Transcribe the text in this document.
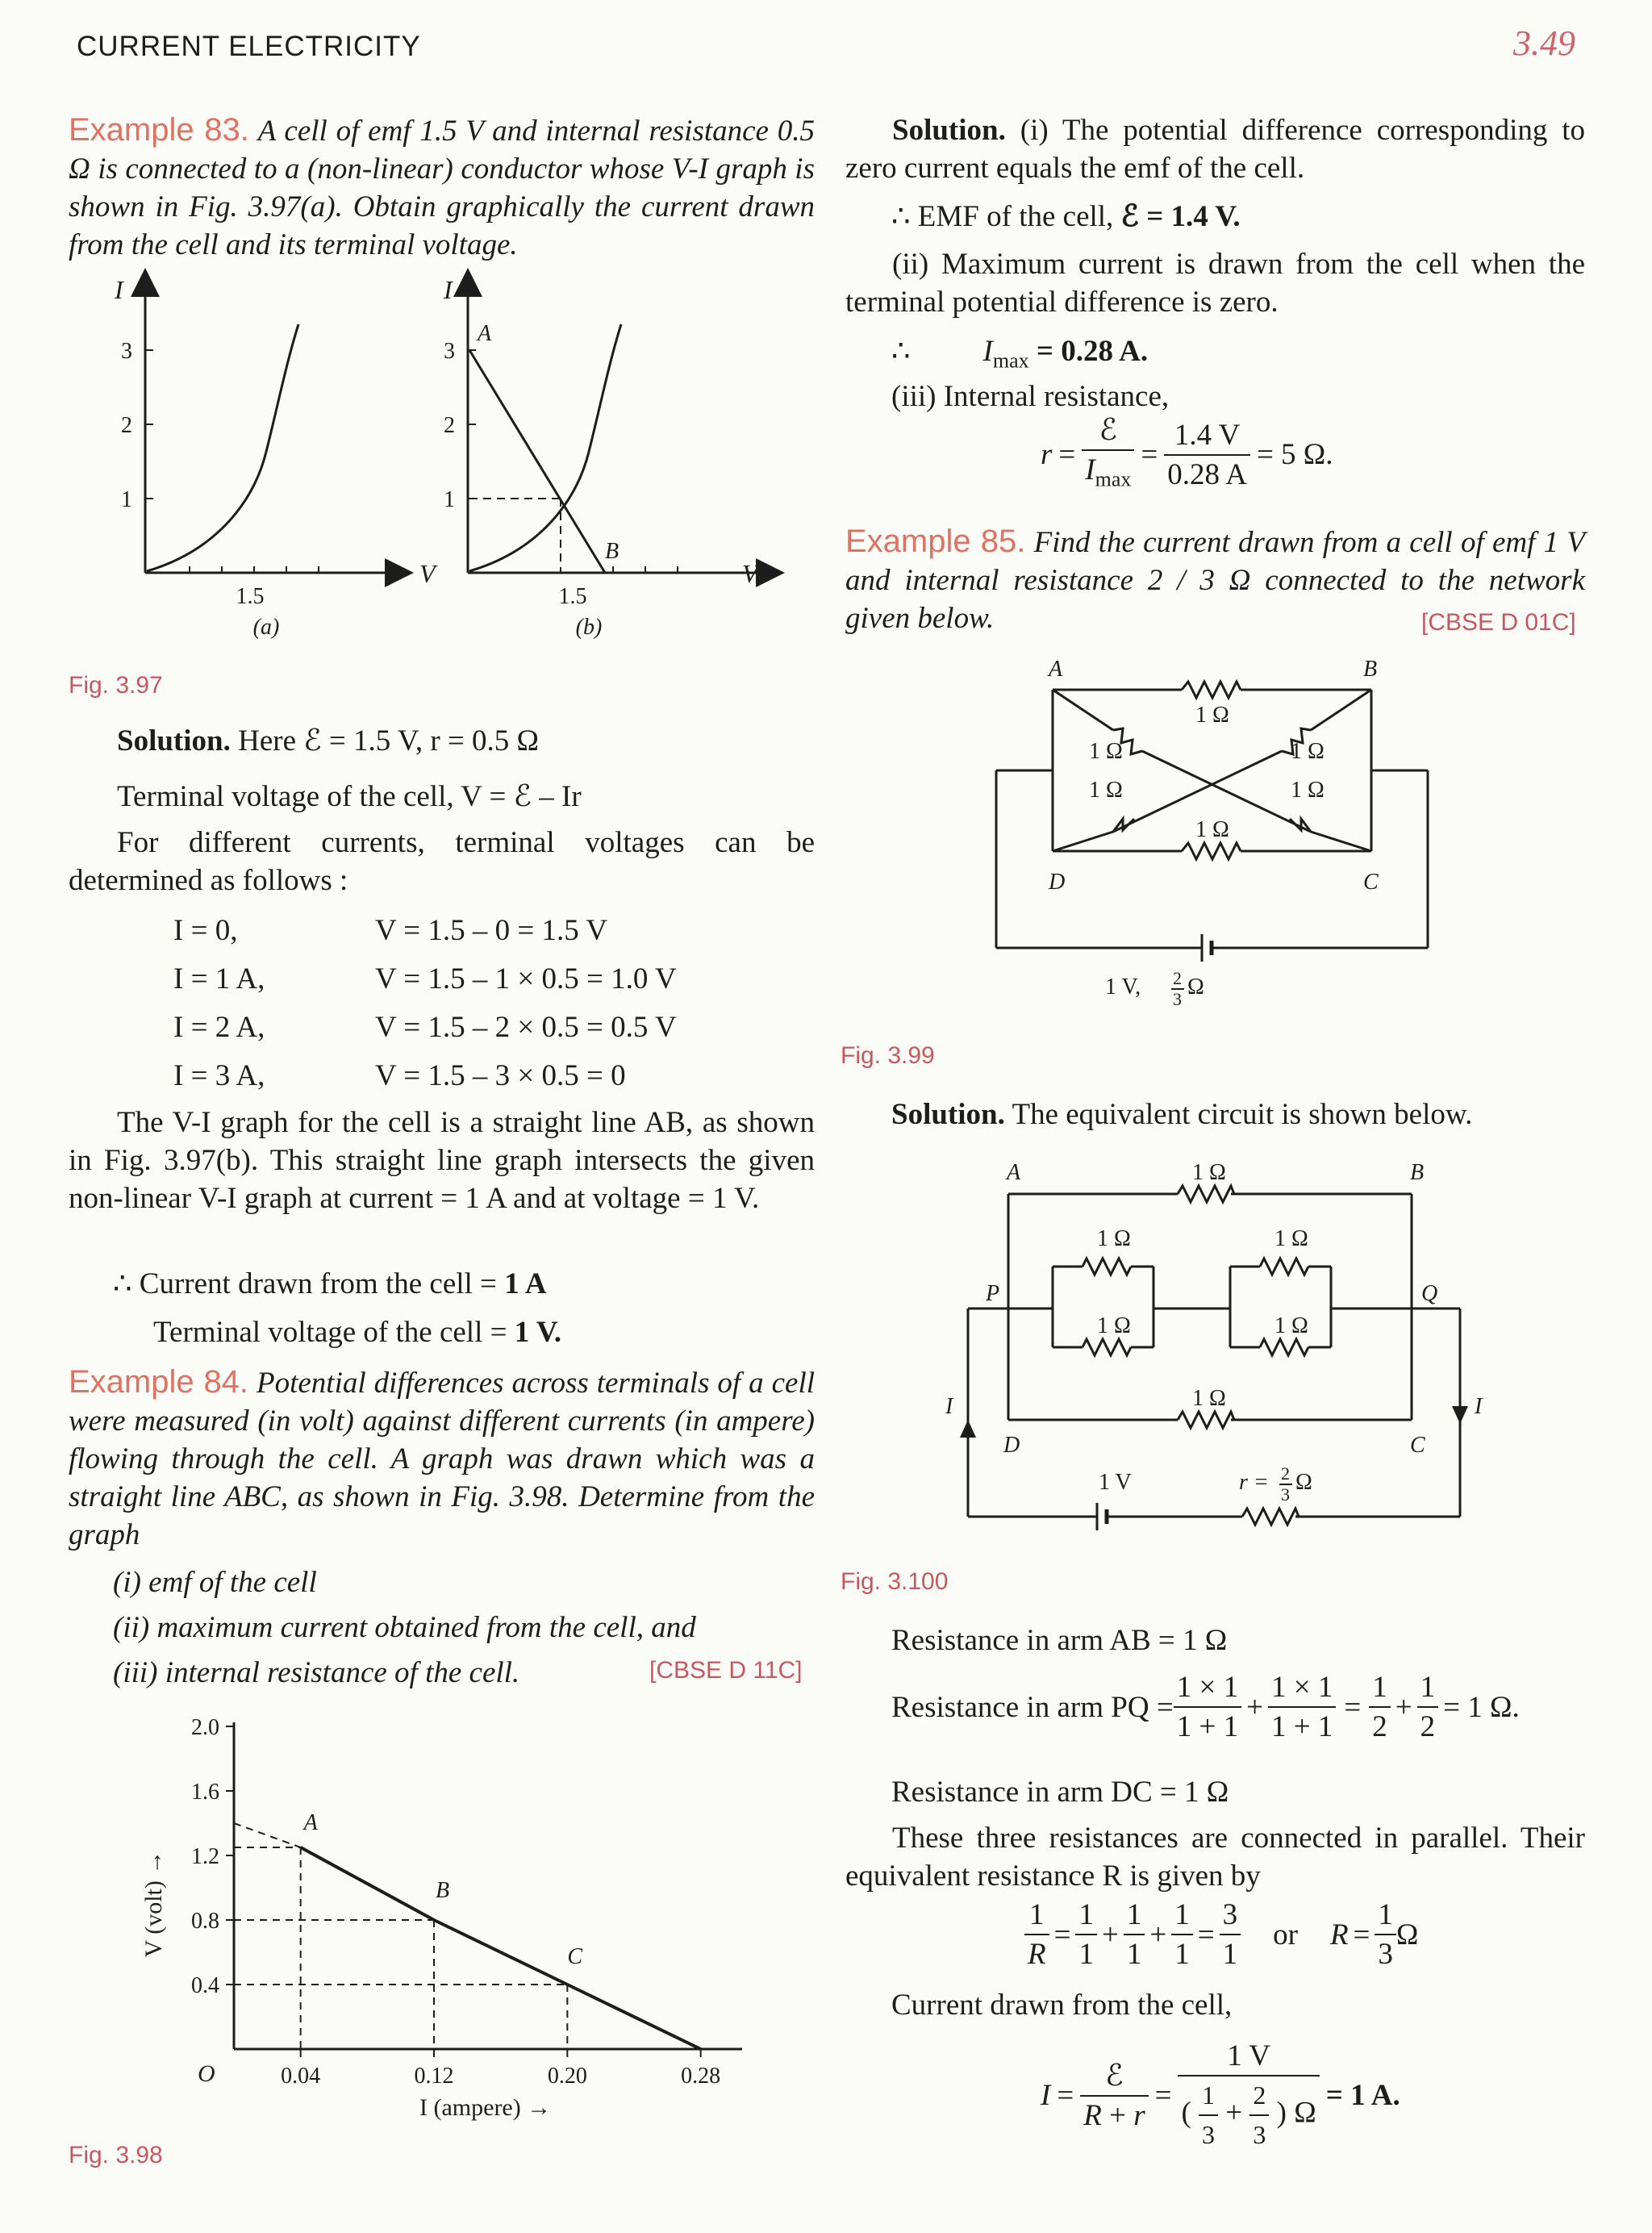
CURRENT ELECTRICITY	3.49
Example 83. A cell of emf 1.5 V and internal resistance 0.5 Ω is connected to a (non-linear) conductor whose V-I graph is shown in Fig. 3.97(a). Obtain graphically the current drawn from the cell and its terminal voltage.
I
V
3
2
1
1.5
(a)
I
V
3
2
1
A
B
1.5
(b)
Fig. 3.97
Solution. Here ℰ = 1.5 V, r = 0.5 Ω
Terminal voltage of the cell, V = ℰ – Ir
For different currents, terminal voltages can be determined as follows :
I = 0,	V = 1.5 – 0 = 1.5 V
I = 1 A,	V = 1.5 – 1 × 0.5 = 1.0 V
I = 2 A,	V = 1.5 – 2 × 0.5 = 0.5 V
I = 3 A,	V = 1.5 – 3 × 0.5 = 0
The V-I graph for the cell is a straight line AB, as shown in Fig. 3.97(b). This straight line graph intersects the given non-linear V-I graph at current = 1 A and at voltage = 1 V.
∴ Current drawn from the cell = 1 A
Terminal voltage of the cell = 1 V.
Example 84. Potential differences across terminals of a cell were measured (in volt) against different currents (in ampere) flowing through the cell. A graph was drawn which was a straight line ABC, as shown in Fig. 3.98. Determine from the graph
(i) emf of the cell
(ii) maximum current obtained from the cell, and
(iii) internal resistance of the cell.	[CBSE D 11C]
2.0
1.6
1.2
0.8
0.4
0.04	0.12	0.20	0.28
O
A
B
C
I (ampere) →
V (volt) →
Fig. 3.98
Solution. (i) The potential difference corresponding to zero current equals the emf of the cell.
∴ EMF of the cell, ℰ = 1.4 V.
(ii) Maximum current is drawn from the cell when the terminal potential difference is zero.
∴ $I_{max} = 0.28$ A.
(iii) Internal resistance,
$r = \frac{\text{ℰ}}{I_{max}} = \frac{1.4 V}{0.28 A} = 5$ Ω.
Example 85. Find the current drawn from a cell of emf 1 V and internal resistance 2 / 3 Ω connected to the network given below.	[CBSE D 01C]
A	B
C
D
1 Ω
1 Ω
1 Ω
1 Ω
1 Ω
1 Ω
1 V, 2
3 Ω
Fig. 3.99
Solution. The equivalent circuit is shown below.
A	B
C
D
P	Q
I	I
1 Ω
1 Ω	1 Ω
1 Ω	1 Ω
1 Ω
1 V	r = 2
3 Ω
Fig. 3.100
Resistance in arm AB = 1 Ω
Resistance in arm PQ = $\frac{1 \times 1}{1 + 1} + \frac{1 \times 1}{1 + 1} = \frac{1}{2} + \frac{1}{2} = 1$ Ω.
Resistance in arm DC = 1 Ω
These three resistances are connected in parallel. Their equivalent resistance R is given by
$\frac{1}{R} = \frac{1}{1} + \frac{1}{1} + \frac{1}{1} = \frac{3}{1}$ or $R = \frac{1}{3}$ Ω
Current drawn from the cell,
$I = \frac{\text{ℰ}}{R + r} = \frac{1 V}{( \frac{1}{3} + \frac{2}{3} ) \Omega} = 1$ A.
